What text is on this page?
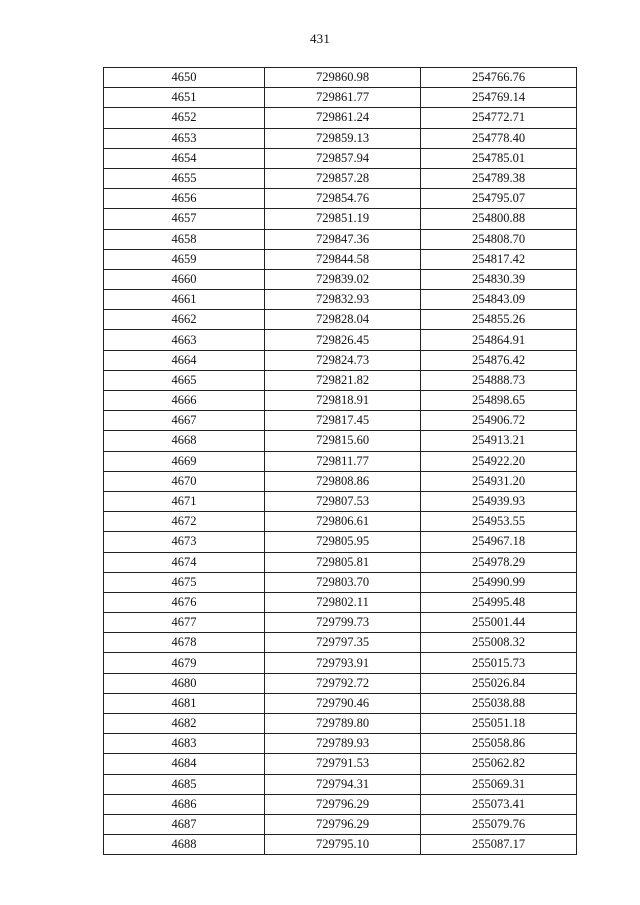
431
4650	729860.98	254766.76
4651	729861.77	254769.14
4652	729861.24	254772.71
4653	729859.13	254778.40
4654	729857.94	254785.01
4655	729857.28	254789.38
4656	729854.76	254795.07
4657	729851.19	254800.88
4658	729847.36	254808.70
4659	729844.58	254817.42
4660	729839.02	254830.39
4661	729832.93	254843.09
4662	729828.04	254855.26
4663	729826.45	254864.91
4664	729824.73	254876.42
4665	729821.82	254888.73
4666	729818.91	254898.65
4667	729817.45	254906.72
4668	729815.60	254913.21
4669	729811.77	254922.20
4670	729808.86	254931.20
4671	729807.53	254939.93
4672	729806.61	254953.55
4673	729805.95	254967.18
4674	729805.81	254978.29
4675	729803.70	254990.99
4676	729802.11	254995.48
4677	729799.73	255001.44
4678	729797.35	255008.32
4679	729793.91	255015.73
4680	729792.72	255026.84
4681	729790.46	255038.88
4682	729789.80	255051.18
4683	729789.93	255058.86
4684	729791.53	255062.82
4685	729794.31	255069.31
4686	729796.29	255073.41
4687	729796.29	255079.76
4688	729795.10	255087.17
